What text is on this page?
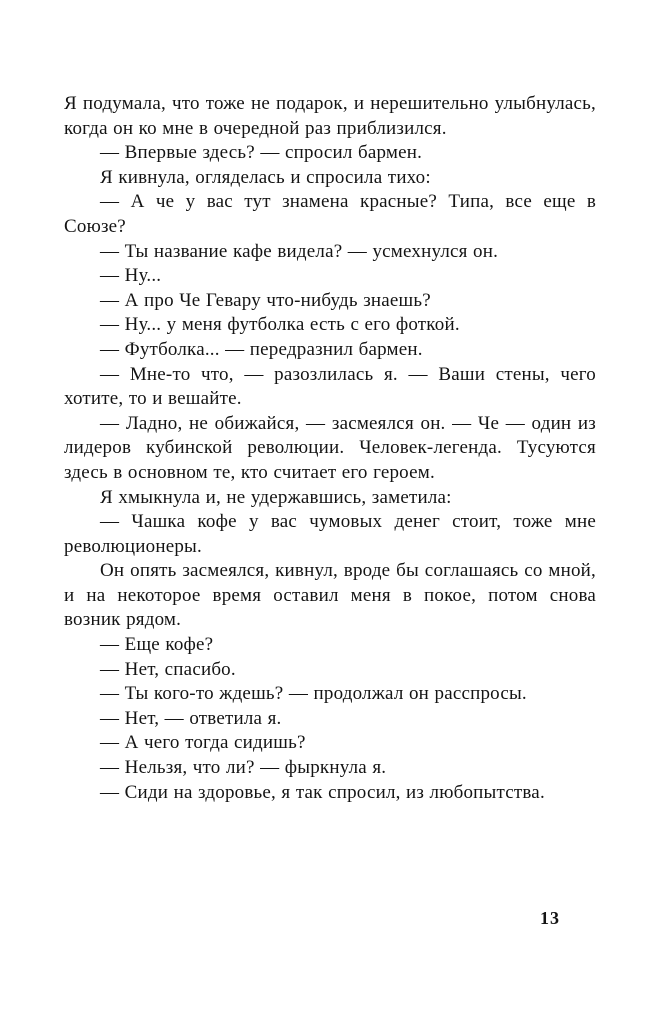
Я подумала, что тоже не подарок, и нерешительно улыбнулась, когда он ко мне в очередной раз приблизился.

— Впервые здесь? — спросил бармен.

Я кивнула, огляделась и спросила тихо:

— А че у вас тут знамена красные? Типа, все еще в Союзе?

— Ты название кафе видела? — усмехнулся он.

— Ну...

— А про Че Гевару что-нибудь знаешь?

— Ну... у меня футболка есть с его фоткой.

— Футболка... — передразнил бармен.

— Мне-то что, — разозлилась я. — Ваши стены, чего хотите, то и вешайте.

— Ладно, не обижайся, — засмеялся он. — Че — один из лидеров кубинской революции. Человек-легенда. Тусуются здесь в основном те, кто считает его героем.

Я хмыкнула и, не удержавшись, заметила:

— Чашка кофе у вас чумовых денег стоит, тоже мне революционеры.

Он опять засмеялся, кивнул, вроде бы соглашаясь со мной, и на некоторое время оставил меня в покое, потом снова возник рядом.

— Еще кофе?

— Нет, спасибо.

— Ты кого-то ждешь? — продолжал он расспросы.

— Нет, — ответила я.

— А чего тогда сидишь?

— Нельзя, что ли? — фыркнула я.

— Сиди на здоровье, я так спросил, из любопытства.

13
